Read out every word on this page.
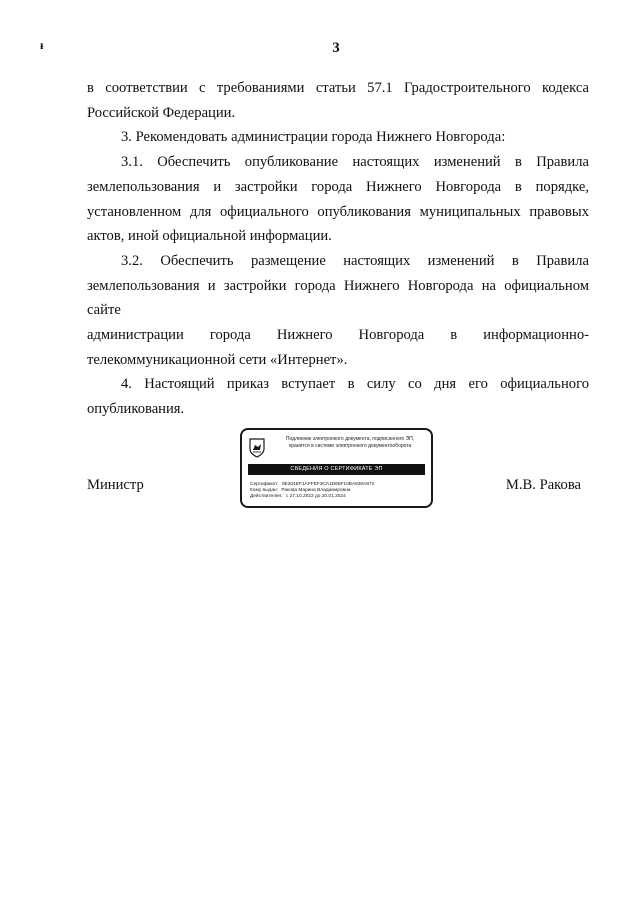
3
ᵻ

в соответствии с требованиями статьи 57.1 Градостроительного кодекса
Российской Федерации.

3. Рекомендовать администрации города Нижнего Новгорода:

3.1. Обеспечить опубликование настоящих изменений в Правила
землепользования и застройки города Нижнего Новгорода в порядке,
установленном для официального опубликования муниципальных правовых
актов, иной официальной информации.

3.2. Обеспечить размещение настоящих изменений в Правила
землепользования и застройки города Нижнего Новгорода на официальном сайте
администрации города Нижнего Новгорода в информационно-
телекоммуникационной сети «Интернет».

4. Настоящий приказ вступает в силу со дня его официального
опубликования.

Министр	М.В. Ракова
Подлинник электронного документа, подписанного ЭП,
хранится в системе электронного документооборота
СВЕДЕНИЯ О СЕРТИФИКАТЕ ЭП
Сертификат: 0E204EF1AFFEF3CA1D65F10BA930A872
Кому выдан: Ракова Марина Владимировна
Действителен: с 27.10.2022 до 20.01.2024
